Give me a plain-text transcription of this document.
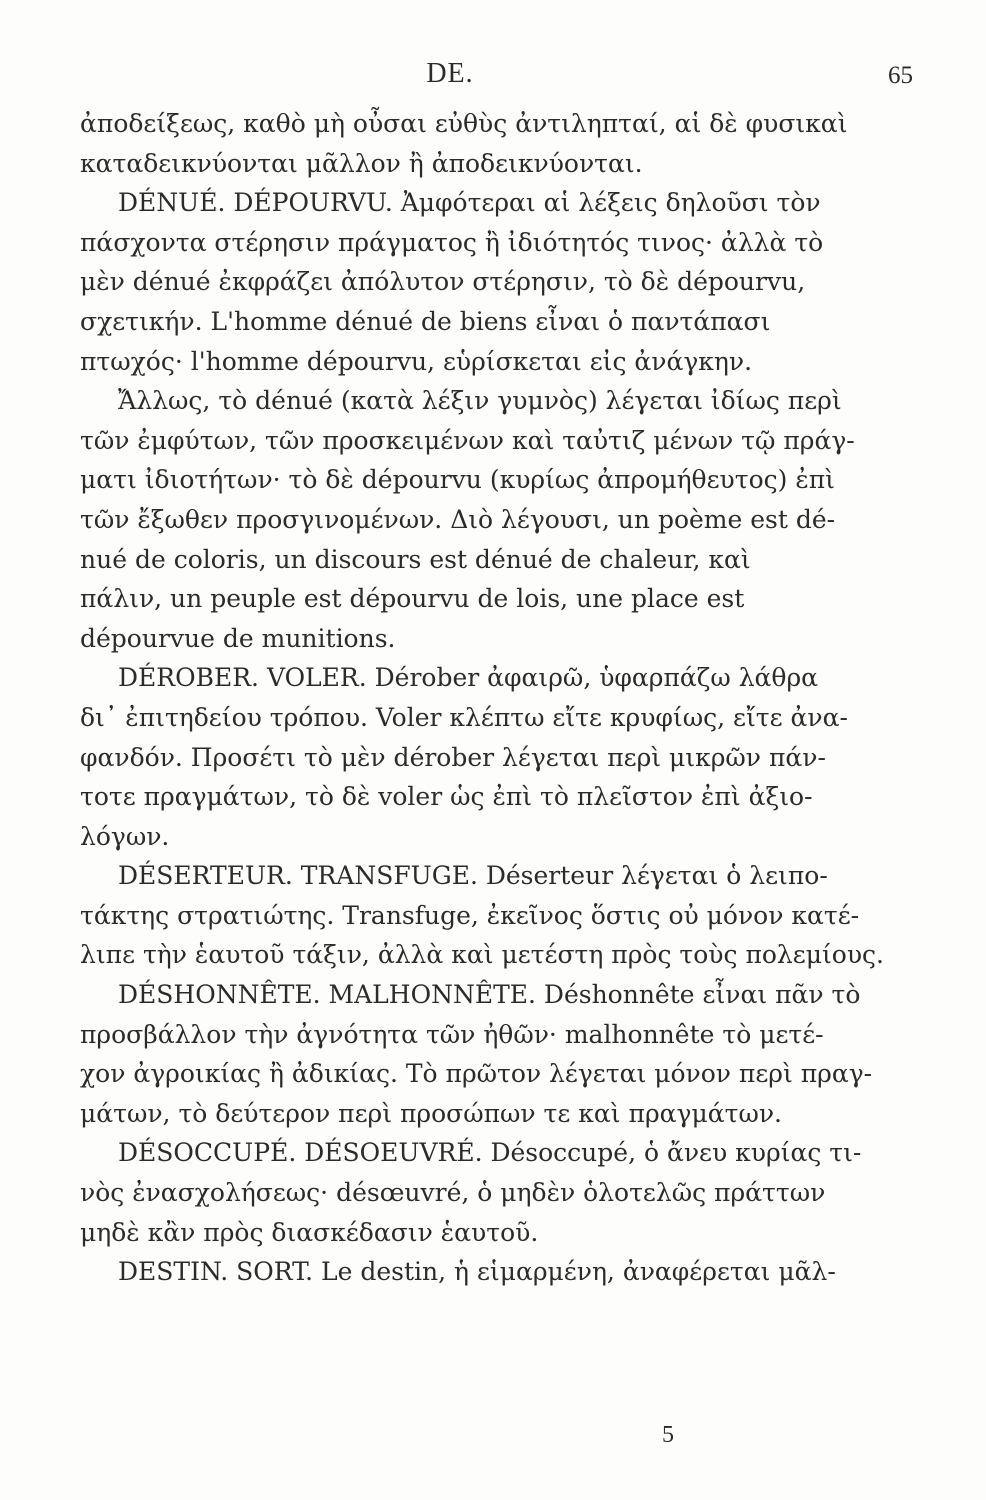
DE.	65
ἀποδείξεως, καθὸ μὴ οὖσαι εὐθὺς ἀντιληπταί, αἱ δὲ φυσικαὶ
καταδεικνύονται μᾶλλον ἢ ἀποδεικνύονται.
DÉNUÉ. DÉPOURVU. Ἀμφότεραι αἱ λέξεις δηλοῦσι τὸν
πάσχοντα στέρησιν πράγματος ἢ ἰδιότητός τινος· ἀλλὰ τὸ
μὲν dénué ἐκφράζει ἀπόλυτον στέρησιν, τὸ δὲ dépourvu,
σχετικήν. L'homme dénué de biens εἶναι ὁ παντάπασι
πτωχός· l'homme dépourvu, εὑρίσκεται εἰς ἀνάγκην.
Ἄλλως, τὸ dénué (κατὰ λέξιν γυμνὸς) λέγεται ἰδίως περὶ
τῶν ἐμφύτων, τῶν προσκειμένων καὶ ταὐτιζ μένων τῷ πράγ-
ματι ἰδιοτήτων· τὸ δὲ dépourvu (κυρίως ἀπρομήθευτος) ἐπὶ
τῶν ἔξωθεν προσγινομένων. Διὸ λέγουσι, un poème est dé-
nué de coloris, un discours est dénué de chaleur, καὶ
πάλιν, un peuple est dépourvu de lois, une place est
dépourvue de munitions.
DÉROBER. VOLER. Dérober ἀφαιρῶ, ὑφαρπάζω λάθρα
δι᾽ ἐπιτηδείου τρόπου. Voler κλέπτω εἴτε κρυφίως, εἴτε ἀνα-
φανδόν. Προσέτι τὸ μὲν dérober λέγεται περὶ μικρῶν πάν-
τοτε πραγμάτων, τὸ δὲ voler ὡς ἐπὶ τὸ πλεῖστον ἐπὶ ἀξιο-
λόγων.
DÉSERTEUR. TRANSFUGE. Déserteur λέγεται ὁ λειπο-
τάκτης στρατιώτης. Transfuge, ἐκεῖνος ὅστις οὐ μόνον κατέ-
λιπε τὴν ἑαυτοῦ τάξιν, ἀλλὰ καὶ μετέστη πρὸς τοὺς πολεμίους.
DÉSHONNÊTE. MALHONNÊTE. Déshonnête εἶναι πᾶν τὸ
προσβάλλον τὴν ἀγνότητα τῶν ἠθῶν· malhonnête τὸ μετέ-
χον ἀγροικίας ἢ ἀδικίας. Τὸ πρῶτον λέγεται μόνον περὶ πραγ-
μάτων, τὸ δεύτερον περὶ προσώπων τε καὶ πραγμάτων.
DÉSOCCUPÉ. DÉSOEUVRÉ. Désoccupé, ὁ ἄνευ κυρίας τι-
νὸς ἐνασχολήσεως· désœuvré, ὁ μηδὲν ὁλοτελῶς πράττων
μηδὲ κἂν πρὸς διασκέδασιν ἑαυτοῦ.
DESTIN. SORT. Le destin, ἡ εἱμαρμένη, ἀναφέρεται μᾶλ-
5
